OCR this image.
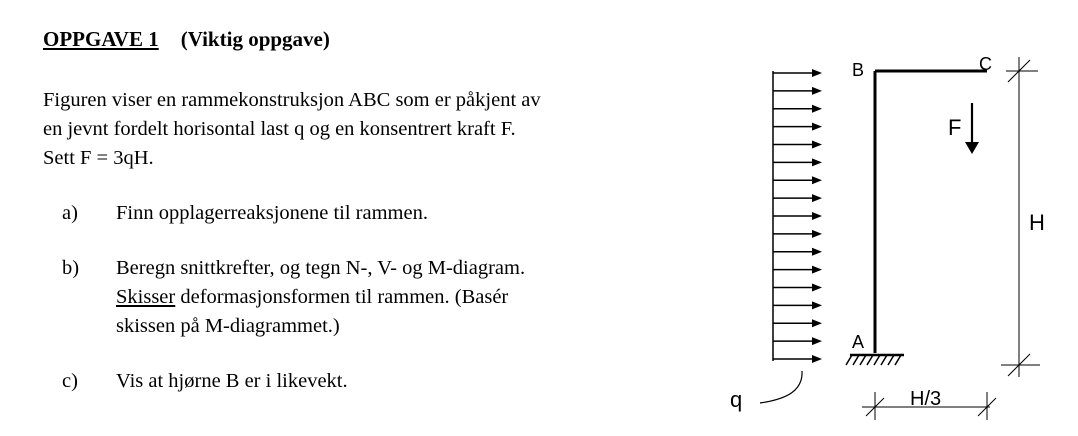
OPPGAVE 1 (Viktig oppgave)
Figuren viser en rammekonstruksjon ABC som er påkjent av
en jevnt fordelt horisontal last q og en konsentrert kraft F.
Sett F = 3qH.
a) Finn opplagerreaksjonene til rammen.
b) Beregn snittkrefter, og tegn N-, V- og M-diagram.
Skisser deformasjonsformen til rammen. (Basér
skissen på M-diagrammet.)
c) Vis at hjørne B er i likevekt.
B	C
F
H
A
H/3
q
